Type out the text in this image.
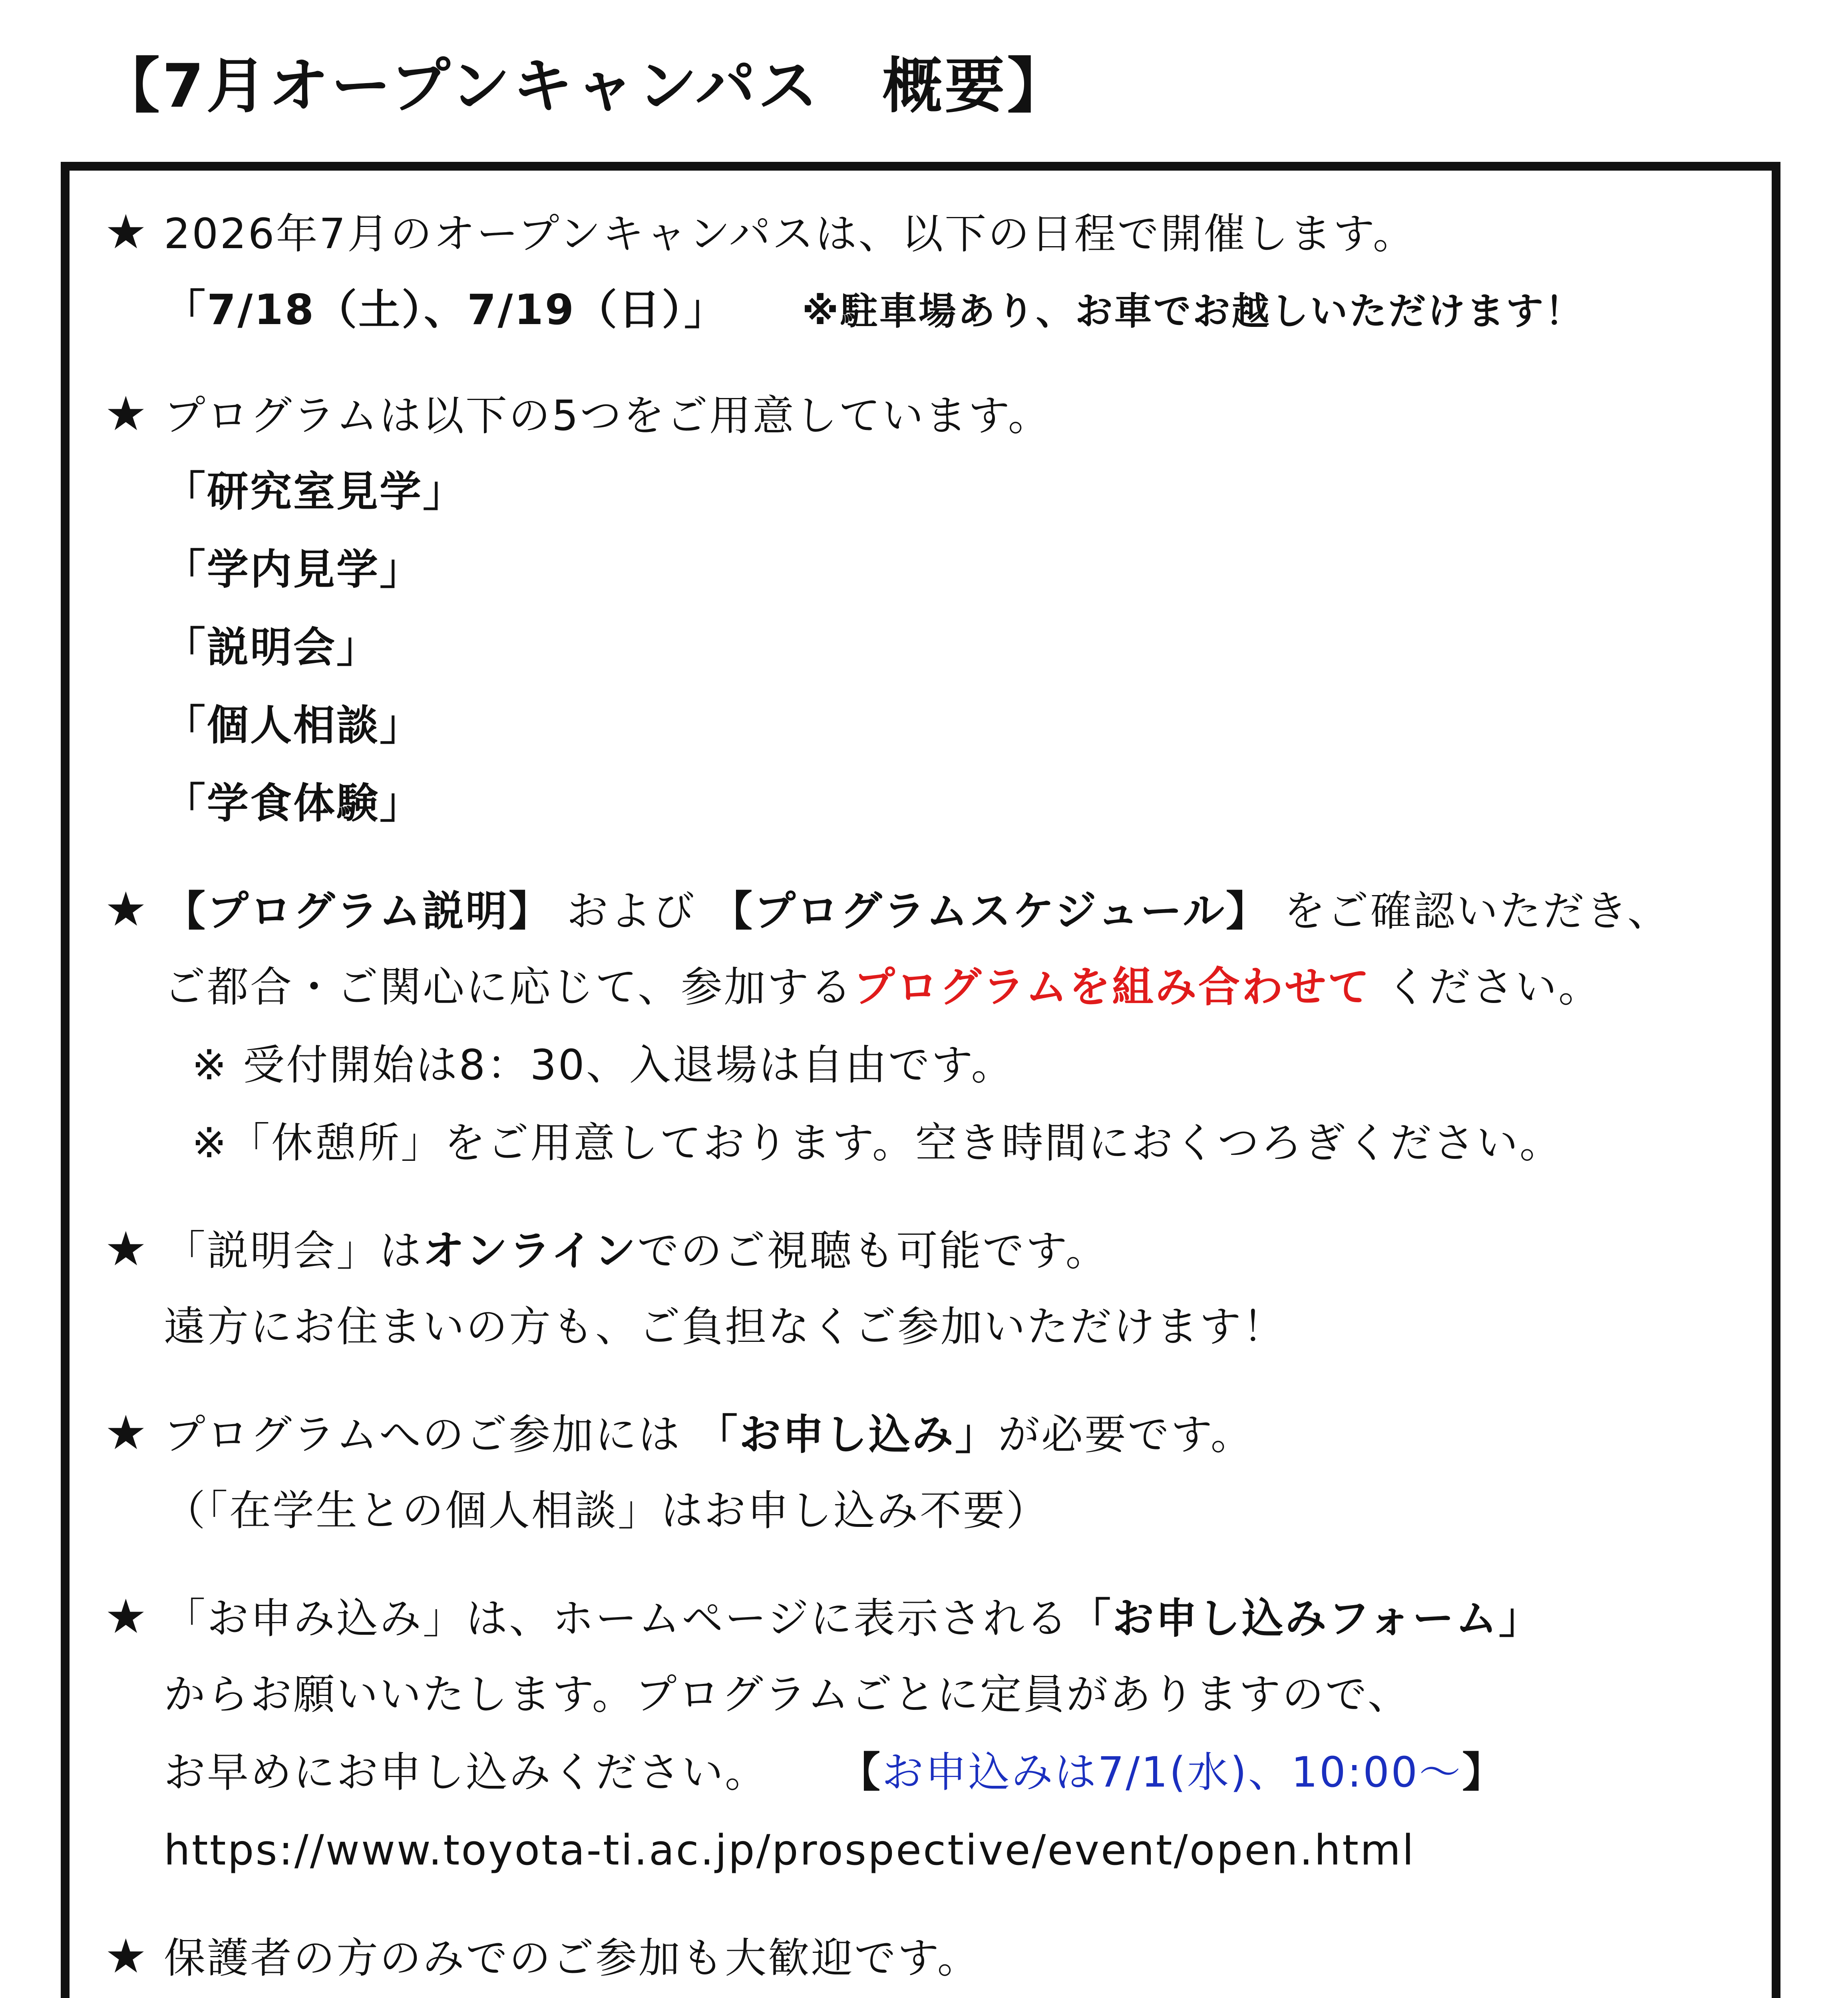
【7月オープンキャンパス　概要】
★ 2026年7月のオープンキャンパスは、以下の日程で開催します。
「7/18（土）、7/19（日）」 ※駐車場あり、お車でお越しいただけます！
★ プログラムは以下の5つをご用意しています。
「研究室見学」
「学内見学」
「説明会」
「個人相談」
「学食体験」
★ 【プログラム説明】 および 【プログラムスケジュール】 をご確認いただき、
ご都合・ご関心に応じて、参加するプログラムを組み合わせて ください。
※ 受付開始は8：30、入退場は自由です。
※「休憩所」をご用意しております。空き時間におくつろぎください。
★ 「説明会」はオンラインでのご視聴も可能です。
遠方にお住まいの方も、ご負担なくご参加いただけます！
★ プログラムへのご参加には 「お申し込み」が必要です。
（「在学生との個人相談」はお申し込み不要）
★ 「お申み込み」は、ホームページに表示される「お申し込みフォーム」
からお願いいたします。プログラムごとに定員がありますので、
お早めにお申し込みください。 【お申込みは7/1(水)、10:00～】
https://www.toyota-ti.ac.jp/prospective/event/open.html
★ 保護者の方のみでのご参加も大歓迎です。
